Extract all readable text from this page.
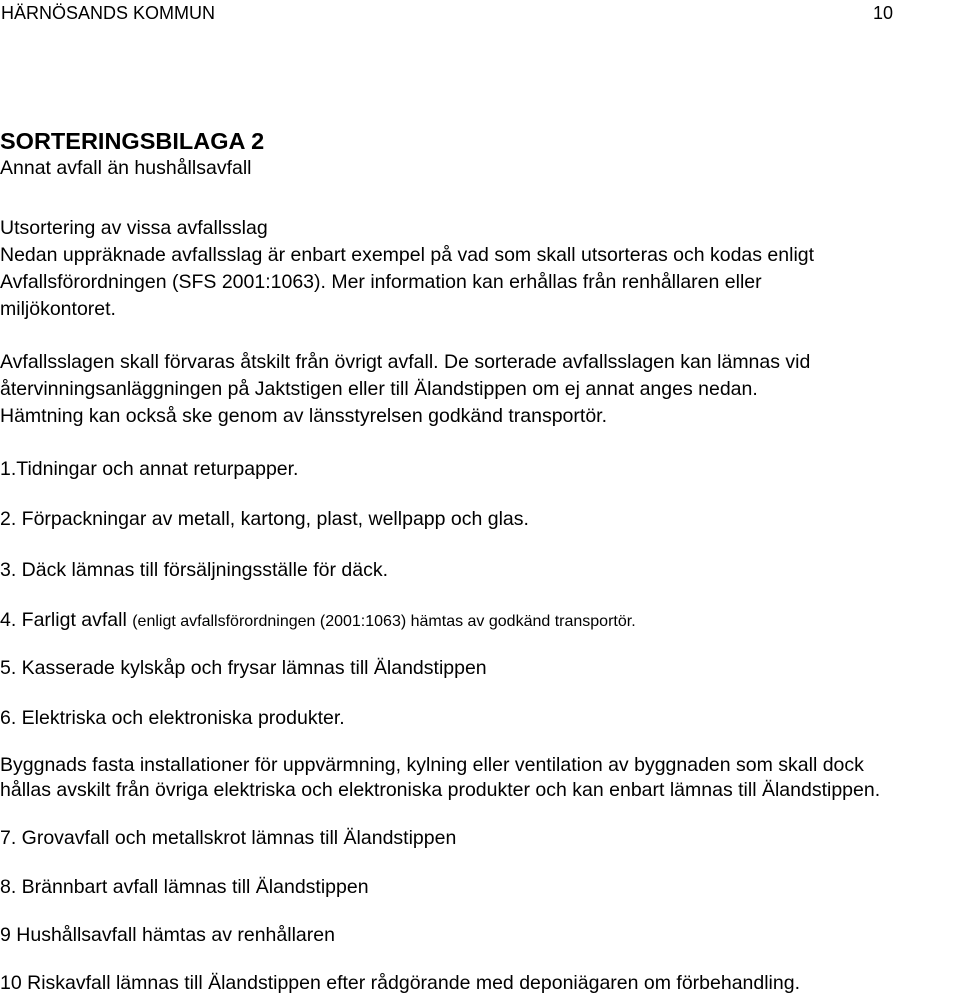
HÄRNÖSANDS KOMMUN	10
SORTERINGSBILAGA 2
Annat avfall än hushållsavfall
Utsortering av vissa avfallsslag
Nedan uppräknade avfallsslag är enbart exempel på vad som skall utsorteras och kodas enligt
Avfallsförordningen (SFS 2001:1063). Mer information kan erhållas från renhållaren eller
miljökontoret.
Avfallsslagen skall förvaras åtskilt från övrigt avfall. De sorterade avfallsslagen kan lämnas vid
återvinningsanläggningen på Jaktstigen eller till Älandstippen om ej annat anges nedan.
Hämtning kan också ske genom av länsstyrelsen godkänd transportör.
1.Tidningar och annat returpapper.
2. Förpackningar av metall, kartong, plast, wellpapp och glas.
3. Däck lämnas till försäljningsställe för däck.
4. Farligt avfall (enligt avfallsförordningen (2001:1063) hämtas av godkänd transportör.
5. Kasserade kylskåp och frysar lämnas till Älandstippen
6. Elektriska och elektroniska produkter.
Byggnads fasta installationer för uppvärmning, kylning eller ventilation av byggnaden som skall dock
hållas avskilt från övriga elektriska och elektroniska produkter och kan enbart lämnas till Älandstippen.
7. Grovavfall och metallskrot lämnas till Älandstippen
8. Brännbart avfall lämnas till Älandstippen
9 Hushållsavfall hämtas av renhållaren
10 Riskavfall lämnas till Älandstippen efter rådgörande med deponiägaren om förbehandling.
